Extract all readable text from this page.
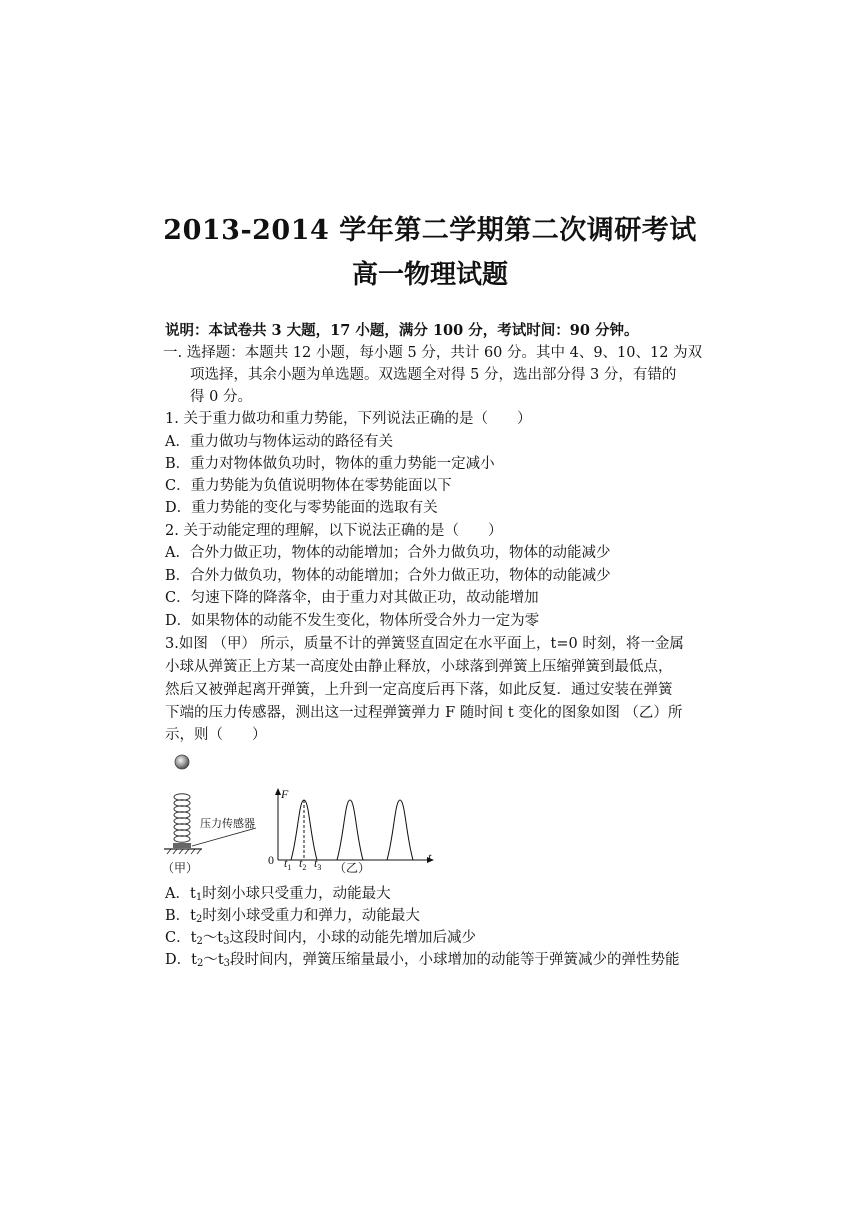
2013-2014 学年第二学期第二次调研考试
高一物理试题
说明：本试卷共 3 大题，17 小题，满分 100 分，考试时间：90 分钟。
一. 选择题：本题共 12 小题，每小题 5 分，共计 60 分。其中 4、9、10、12 为双
项选择，其余小题为单选题。双选题全对得 5 分，选出部分得 3 分，有错的
得 0 分。
1. 关于重力做功和重力势能，下列说法正确的是（　　）
A．重力做功与物体运动的路径有关
B．重力对物体做负功时，物体的重力势能一定减小
C．重力势能为负值说明物体在零势能面以下
D．重力势能的变化与零势能面的选取有关
2. 关于动能定理的理解，以下说法正确的是（　　）
A．合外力做正功，物体的动能增加；合外力做负功，物体的动能减少
B．合外力做负功，物体的动能增加；合外力做正功，物体的动能减少
C．匀速下降的降落伞，由于重力对其做正功，故动能增加
D．如果物体的动能不发生变化，物体所受合外力一定为零
3.如图 （甲） 所示，质量不计的弹簧竖直固定在水平面上，t=0 时刻，将一金属
小球从弹簧正上方某一高度处由静止释放，小球落到弹簧上压缩弹簧到最低点，
然后又被弹起离开弹簧，上升到一定高度后再下落，如此反复．通过安装在弹簧
下端的压力传感器，测出这一过程弹簧弹力 F 随时间 t 变化的图象如图 （乙）所
示，则（　　）
压力传感器
（甲）
F
t
0 $t_1$ $t_2$ $t_3$ （乙）
A．$t_1$时刻小球只受重力，动能最大
B．$t_2$时刻小球受重力和弹力，动能最大
C．$t_2\sim t_3$这段时间内，小球的动能先增加后减少
D．$t_2\sim t_3$段时间内，弹簧压缩量最小，小球增加的动能等于弹簧减少的弹性势能
